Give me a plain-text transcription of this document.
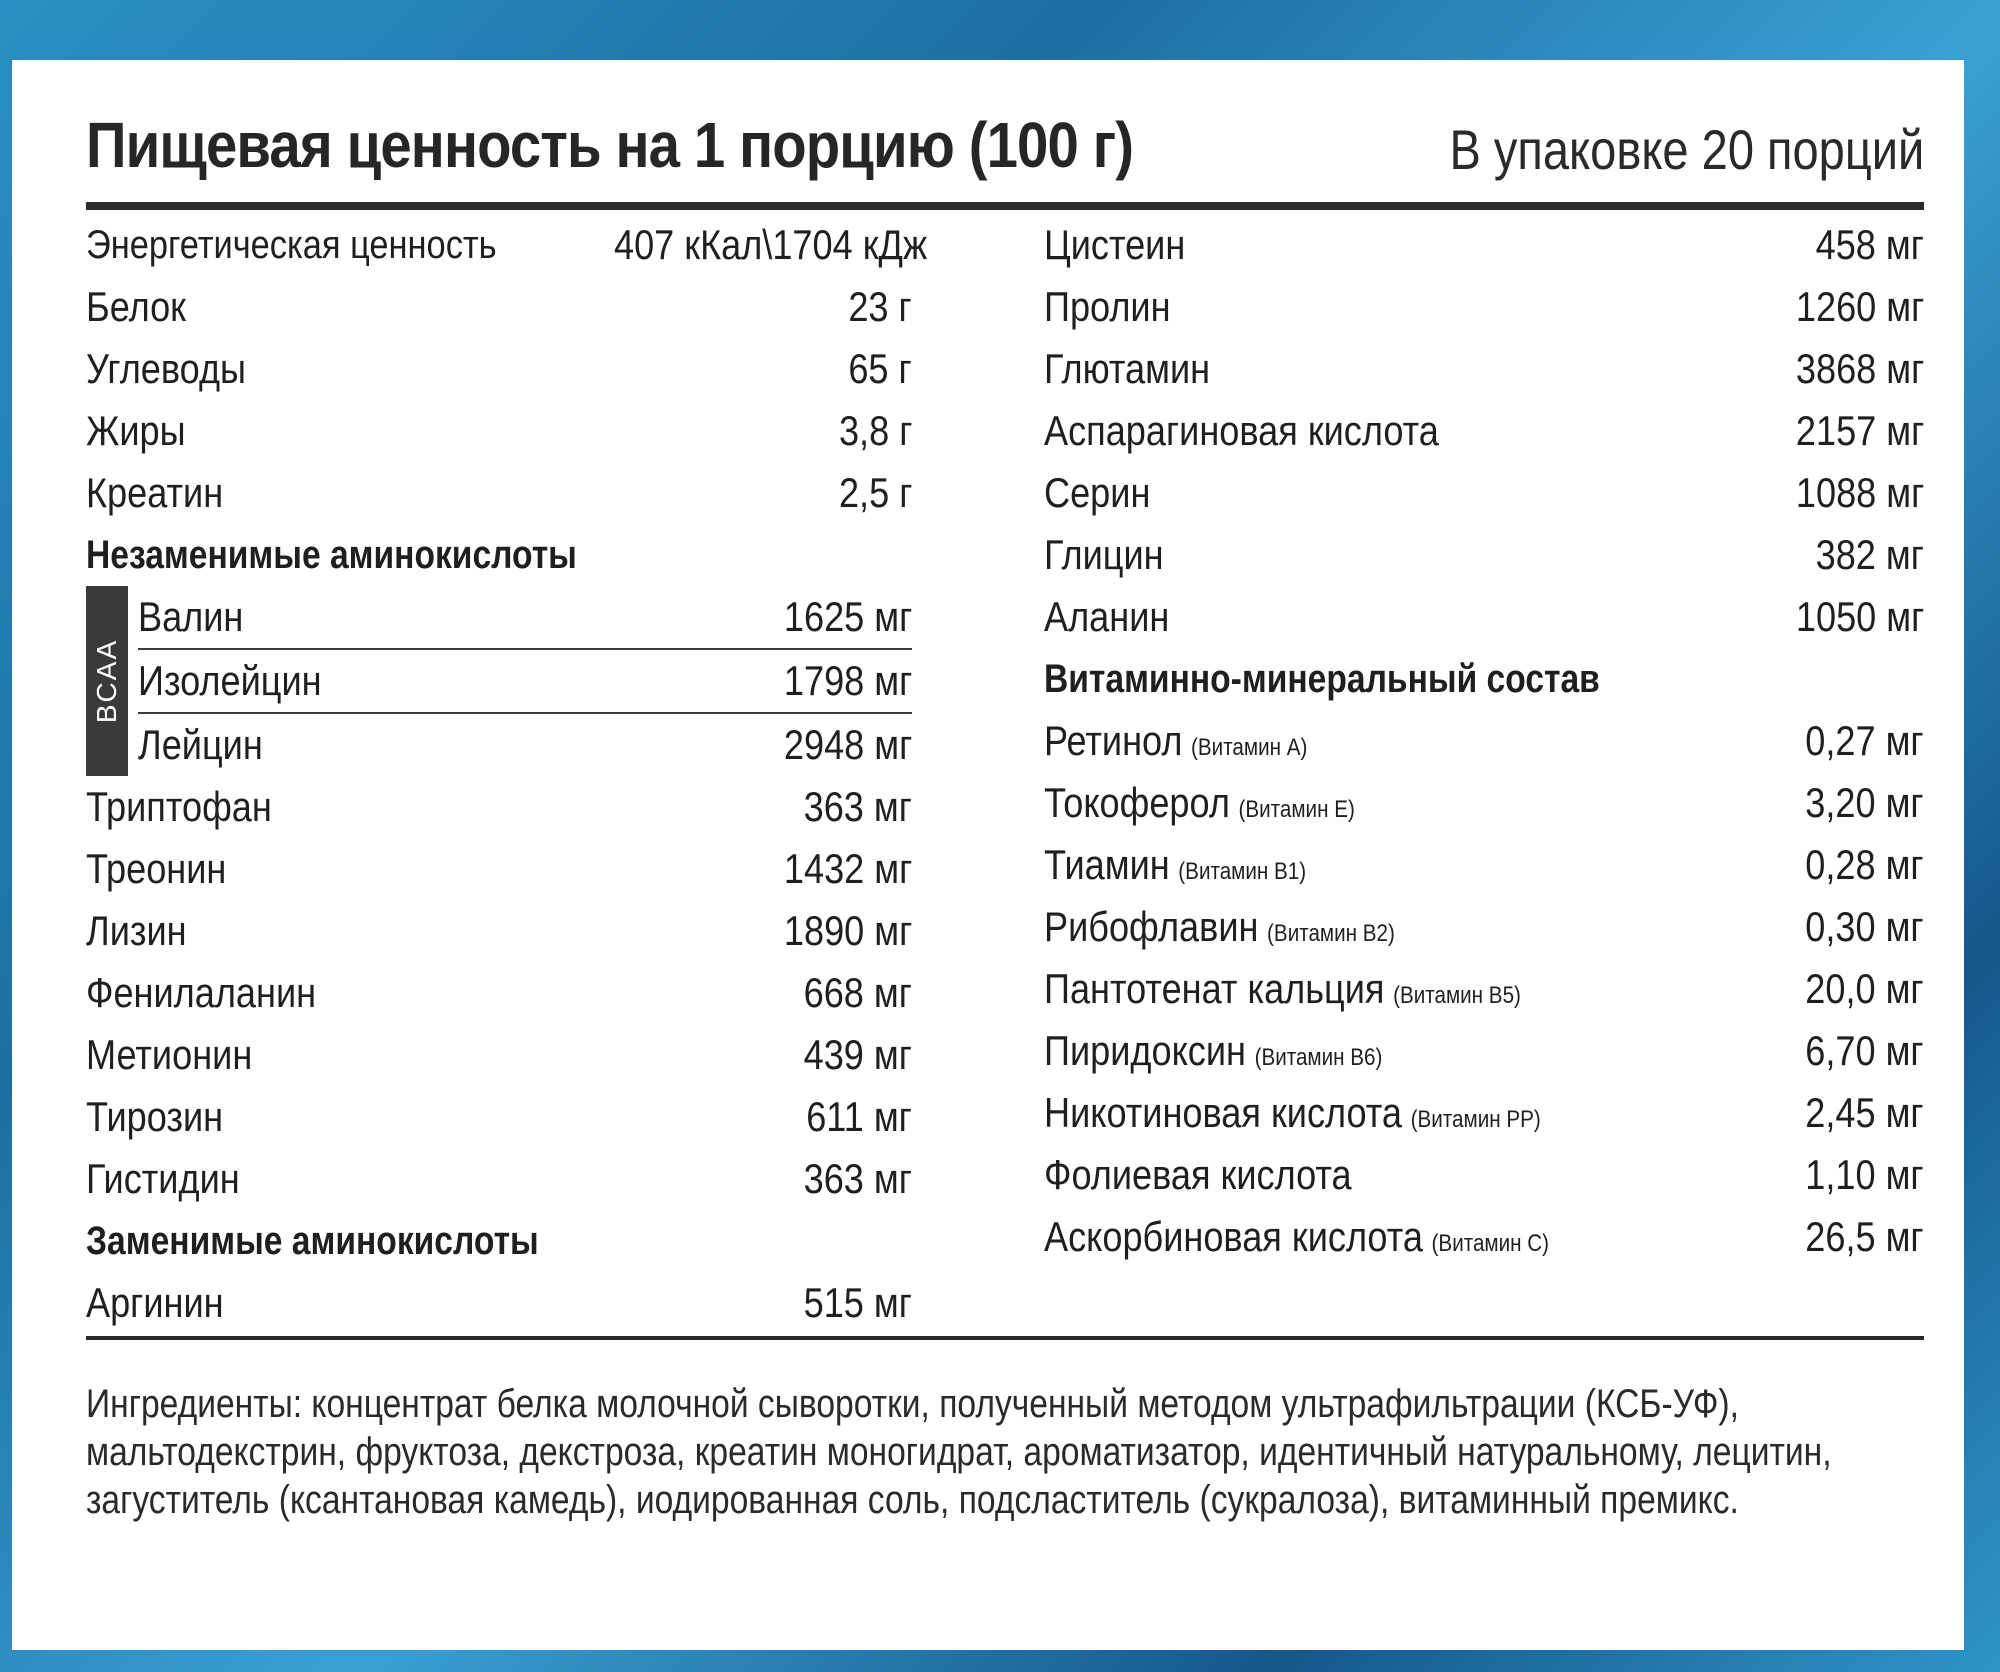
Пищевая ценность на 1 порцию (100 г)	В упаковке 20 порций
Энергетическая ценность	407 кКал\1704 кДж
Белок	23 г
Углеводы	65 г
Жиры	3,8 г
Креатин	2,5 г
Незаменимые аминокислоты
BCAA
Валин	1625 мг
Изолейцин	1798 мг
Лейцин	2948 мг
Триптофан	363 мг
Треонин	1432 мг
Лизин	1890 мг
Фенилаланин	668 мг
Метионин	439 мг
Тирозин	611 мг
Гистидин	363 мг
Заменимые аминокислоты
Аргинин	515 мг
Цистеин	458 мг
Пролин	1260 мг
Глютамин	3868 мг
Аспарагиновая кислота	2157 мг
Серин	1088 мг
Глицин	382 мг
Аланин	1050 мг
Витаминно-минеральный состав
Ретинол (Витамин А)	0,27 мг
Токоферол (Витамин Е)	3,20 мг
Тиамин (Витамин В1)	0,28 мг
Рибофлавин (Витамин В2)	0,30 мг
Пантотенат кальция (Витамин В5)	20,0 мг
Пиридоксин (Витамин В6)	6,70 мг
Никотиновая кислота (Витамин РР)	2,45 мг
Фолиевая кислота	1,10 мг
Аскорбиновая кислота (Витамин С)	26,5 мг
Ингредиенты: концентрат белка молочной сыворотки, полученный методом ультрафильтрации (КСБ-УФ), мальтодекстрин, фруктоза, декстроза, креатин моногидрат, ароматизатор, идентичный натуральному, лецитин, загуститель (ксантановая камедь), иодированная соль, подсластитель (сукралоза), витаминный премикс.
